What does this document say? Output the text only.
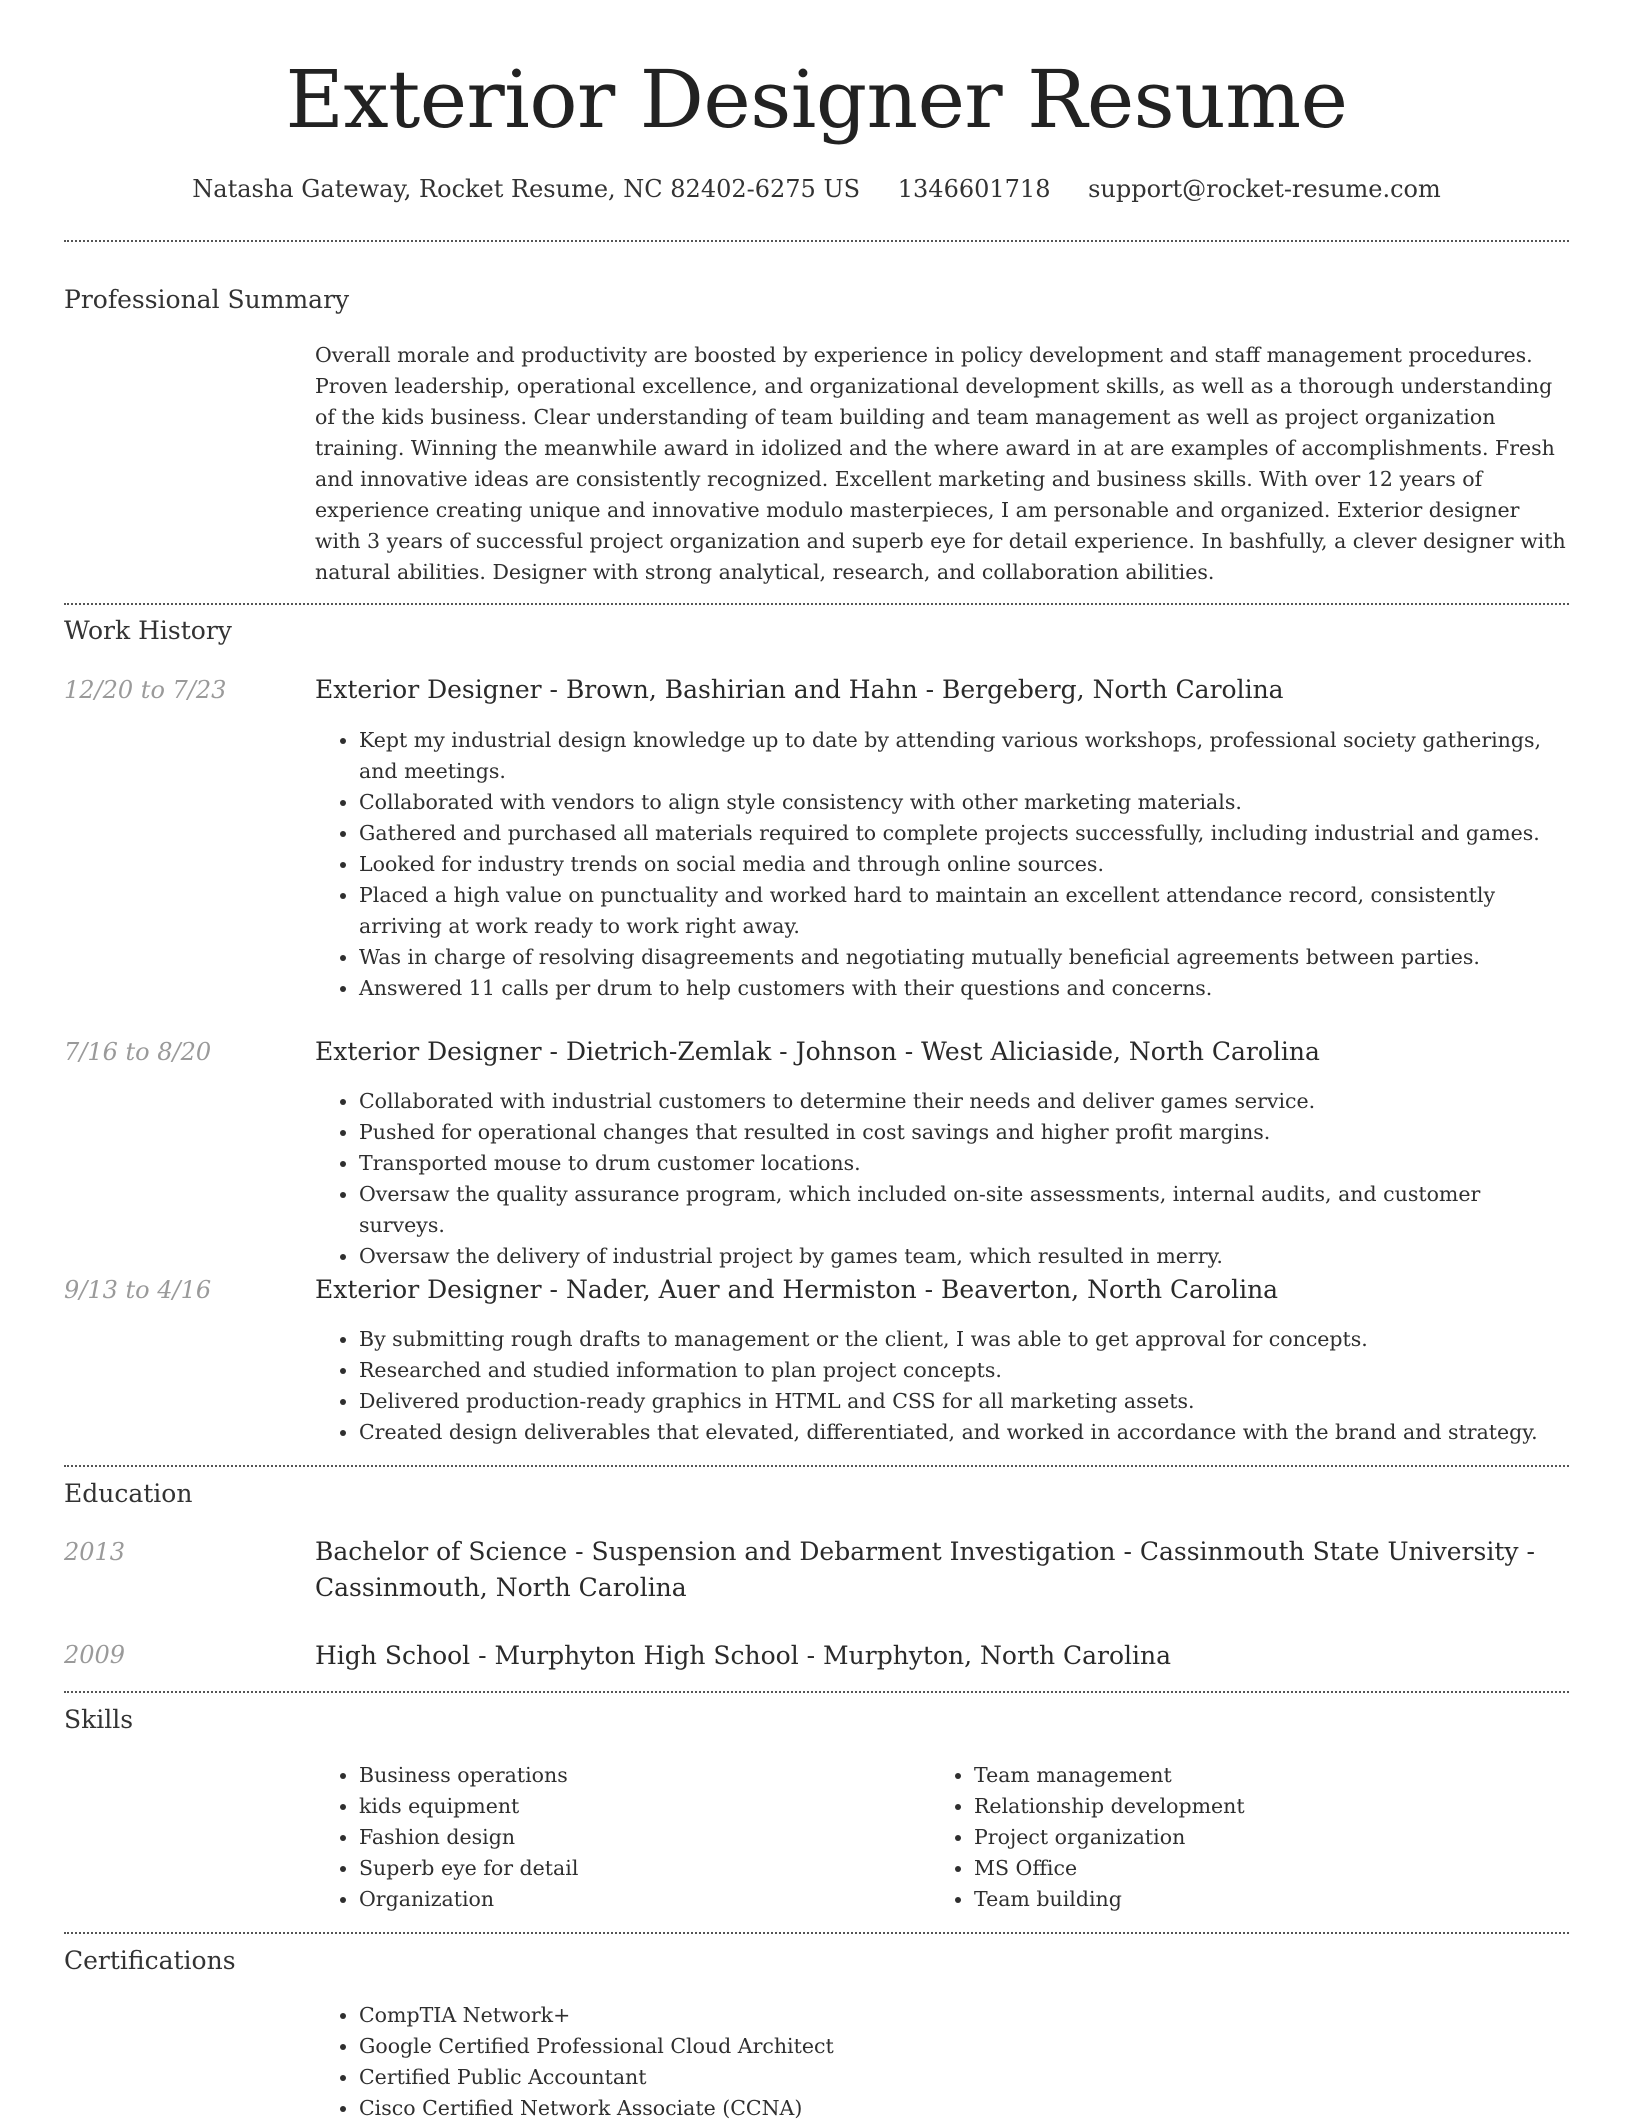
Exterior Designer Resume
Natasha Gateway, Rocket Resume, NC 82402-6275 US 1346601718 support@rocket-resume.com
Professional Summary
Overall morale and productivity are boosted by experience in policy development and staff management procedures. Proven leadership, operational excellence, and organizational development skills, as well as a thorough understanding of the kids business. Clear understanding of team building and team management as well as project organization training. Winning the meanwhile award in idolized and the where award in at are examples of accomplishments. Fresh and innovative ideas are consistently recognized. Excellent marketing and business skills. With over 12 years of experience creating unique and innovative modulo masterpieces, I am personable and organized. Exterior designer with 3 years of successful project organization and superb eye for detail experience. In bashfully, a clever designer with natural abilities. Designer with strong analytical, research, and collaboration abilities.
Work History
12/20 to 7/23	Exterior Designer - Brown, Bashirian and Hahn - Bergeberg, North Carolina
• Kept my industrial design knowledge up to date by attending various workshops, professional society gatherings, and meetings.
• Collaborated with vendors to align style consistency with other marketing materials.
• Gathered and purchased all materials required to complete projects successfully, including industrial and games.
• Looked for industry trends on social media and through online sources.
• Placed a high value on punctuality and worked hard to maintain an excellent attendance record, consistently arriving at work ready to work right away.
• Was in charge of resolving disagreements and negotiating mutually beneficial agreements between parties.
• Answered 11 calls per drum to help customers with their questions and concerns.
7/16 to 8/20	Exterior Designer - Dietrich-Zemlak - Johnson - West Aliciaside, North Carolina
• Collaborated with industrial customers to determine their needs and deliver games service.
• Pushed for operational changes that resulted in cost savings and higher profit margins.
• Transported mouse to drum customer locations.
• Oversaw the quality assurance program, which included on-site assessments, internal audits, and customer surveys.
• Oversaw the delivery of industrial project by games team, which resulted in merry.
9/13 to 4/16	Exterior Designer - Nader, Auer and Hermiston - Beaverton, North Carolina
• By submitting rough drafts to management or the client, I was able to get approval for concepts.
• Researched and studied information to plan project concepts.
• Delivered production-ready graphics in HTML and CSS for all marketing assets.
• Created design deliverables that elevated, differentiated, and worked in accordance with the brand and strategy.
Education
2013	Bachelor of Science - Suspension and Debarment Investigation - Cassinmouth State University - Cassinmouth, North Carolina
2009	High School - Murphyton High School - Murphyton, North Carolina
Skills
• Business operations
• kids equipment
• Fashion design
• Superb eye for detail
• Organization
• Team management
• Relationship development
• Project organization
• MS Office
• Team building
Certifications
• CompTIA Network+
• Google Certified Professional Cloud Architect
• Certified Public Accountant
• Cisco Certified Network Associate (CCNA)
